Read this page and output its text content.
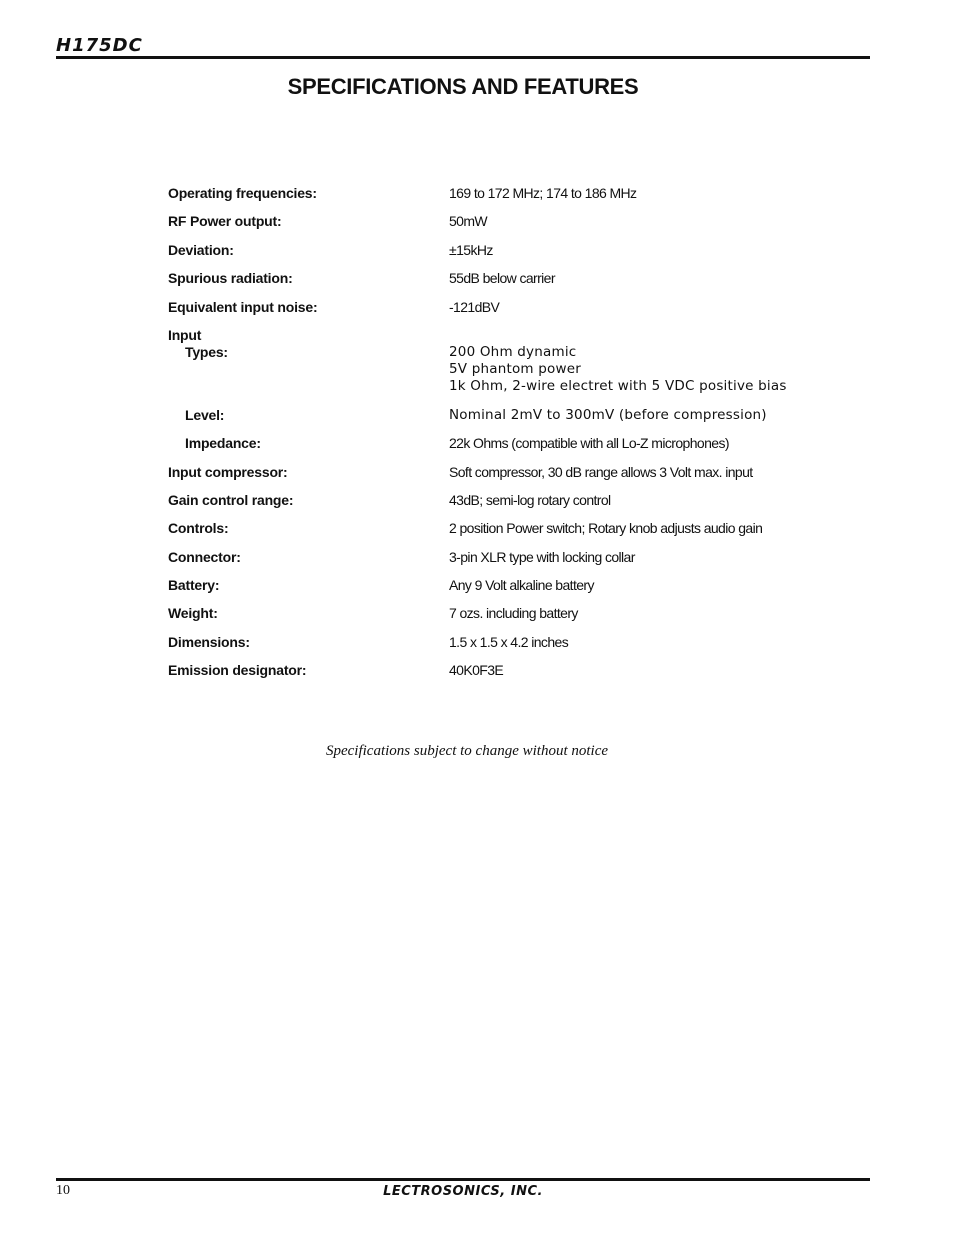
H175DC
SPECIFICATIONS AND FEATURES
Operating frequencies:	169 to 172 MHz; 174 to 186 MHz
RF Power output:	50mW
Deviation:	±15kHz
Spurious radiation:	55dB below carrier
Equivalent input noise:	-121dBV
Input
Types:	200 Ohm dynamic
5V phantom power
1k Ohm, 2-wire electret with 5 VDC positive bias
Level:	Nominal 2mV to 300mV (before compression)
Impedance:	22k Ohms (compatible with all Lo-Z microphones)
Input compressor:	Soft compressor, 30 dB range allows 3 Volt max. input
Gain control range:	43dB; semi-log rotary control
Controls:	2 position Power switch; Rotary knob adjusts audio gain
Connector:	3-pin XLR type with locking collar
Battery:	Any 9 Volt alkaline battery
Weight:	7 ozs. including battery
Dimensions:	1.5 x 1.5 x 4.2 inches
Emission designator:	40K0F3E
Specifications subject to change without notice
10	LECTROSONICS, INC.
